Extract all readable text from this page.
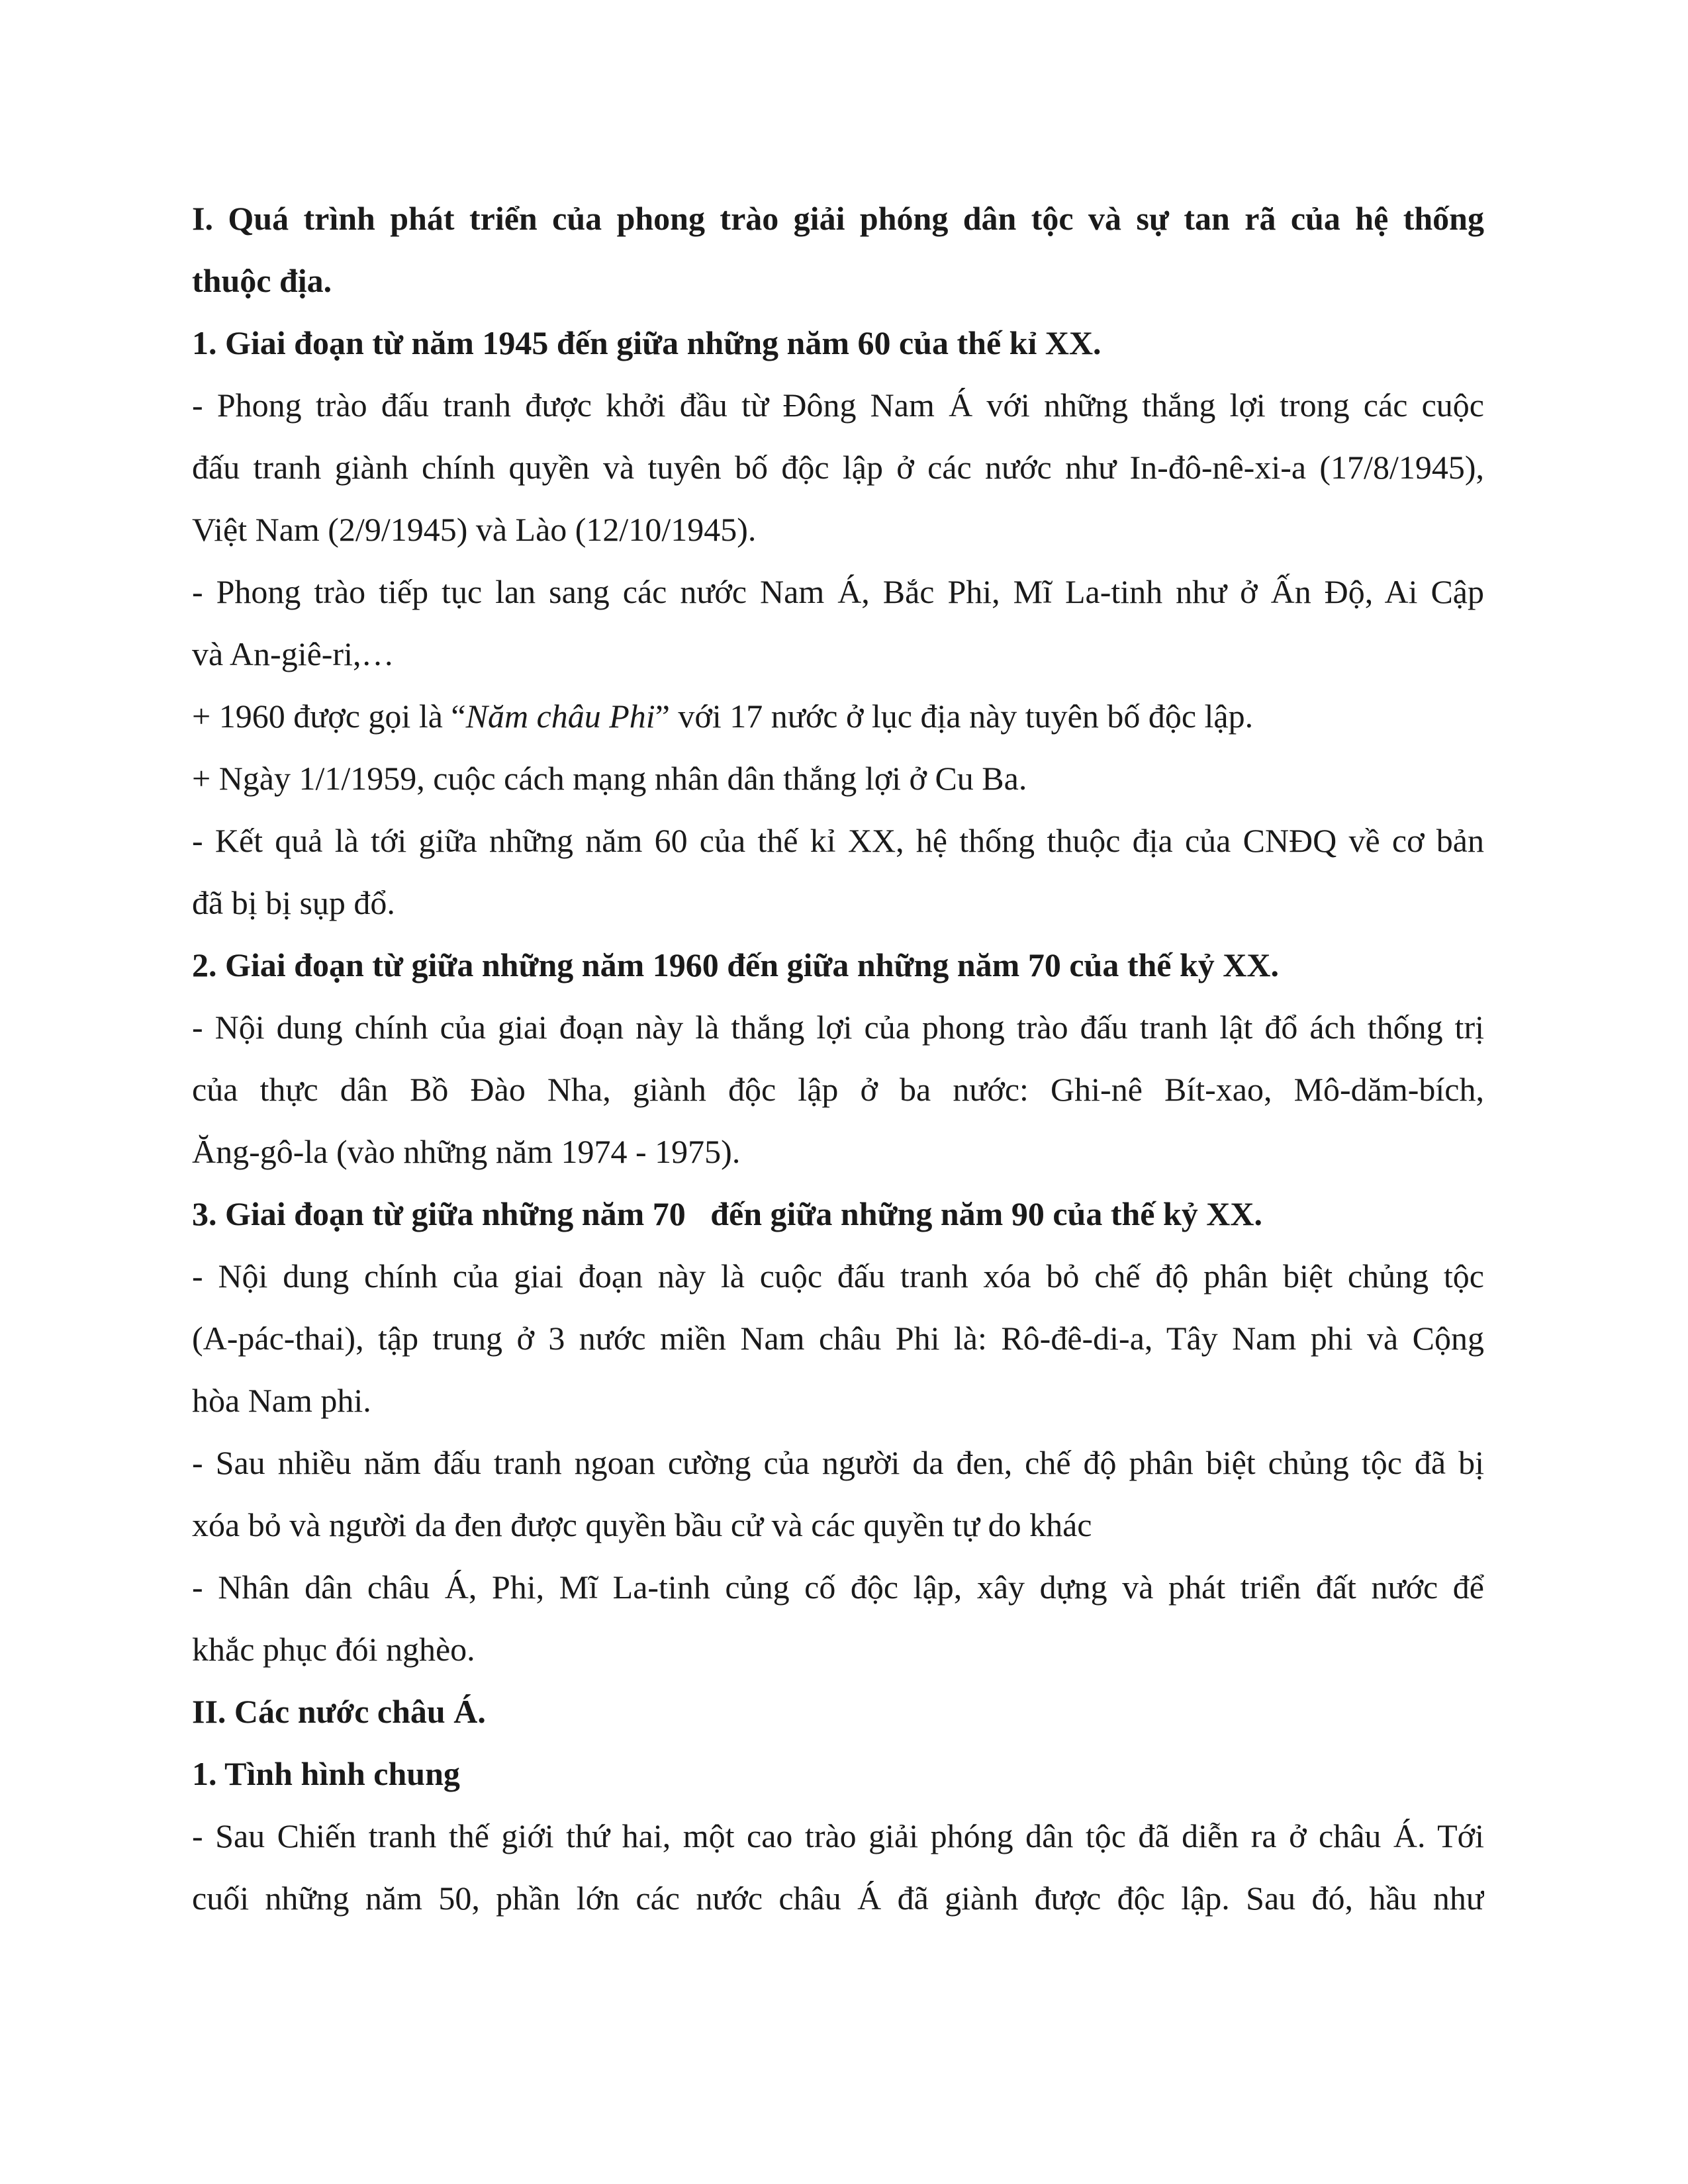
I. Quá trình phát triển của phong trào giải phóng dân tộc và sự tan rã của hệ thống
thuộc địa.
1. Giai đoạn từ năm 1945 đến giữa những năm 60 của thế kỉ XX.
- Phong trào đấu tranh được khởi đầu từ Đông Nam Á với những thắng lợi trong các cuộc
đấu tranh giành chính quyền và tuyên bố độc lập ở các nước như In-đô-nê-xi-a (17/8/1945),
Việt Nam (2/9/1945) và Lào (12/10/1945).
- Phong trào tiếp tục lan sang các nước Nam Á, Bắc Phi, Mĩ La-tinh như ở Ấn Độ, Ai Cập
và An-giê-ri,…
+ 1960 được gọi là “Năm châu Phi” với 17 nước ở lục địa này tuyên bố độc lập.
+ Ngày 1/1/1959, cuộc cách mạng nhân dân thắng lợi ở Cu Ba.
- Kết quả là tới giữa những năm 60 của thế kỉ XX, hệ thống thuộc địa của CNĐQ về cơ bản
đã bị bị sụp đổ.
2. Giai đoạn từ giữa những năm 1960 đến giữa những năm 70 của thế kỷ XX.
- Nội dung chính của giai đoạn này là thắng lợi của phong trào đấu tranh lật đổ ách thống trị
của thực dân Bồ Đào Nha, giành độc lập ở ba nước: Ghi-nê Bít-xao, Mô-dăm-bích,
Ăng-gô-la (vào những năm 1974 - 1975).
3. Giai đoạn từ giữa những năm 70   đến giữa những năm 90 của thế kỷ XX.
- Nội dung chính của giai đoạn này là cuộc đấu tranh xóa bỏ chế độ phân biệt chủng tộc
(A-pác-thai), tập trung ở 3 nước miền Nam châu Phi là: Rô-đê-di-a, Tây Nam phi và Cộng
hòa Nam phi.
- Sau nhiều năm đấu tranh ngoan cường của người da đen, chế độ phân biệt chủng tộc đã bị
xóa bỏ và người da đen được quyền bầu cử và các quyền tự do khác
- Nhân dân châu Á, Phi, Mĩ La-tinh củng cố độc lập, xây dựng và phát triển đất nước để
khắc phục đói nghèo.
II. Các nước châu Á.
1. Tình hình chung
- Sau Chiến tranh thế giới thứ hai, một cao trào giải phóng dân tộc đã diễn ra ở châu Á. Tới
cuối những năm 50, phần lớn các nước châu Á đã giành được độc lập. Sau đó, hầu như
